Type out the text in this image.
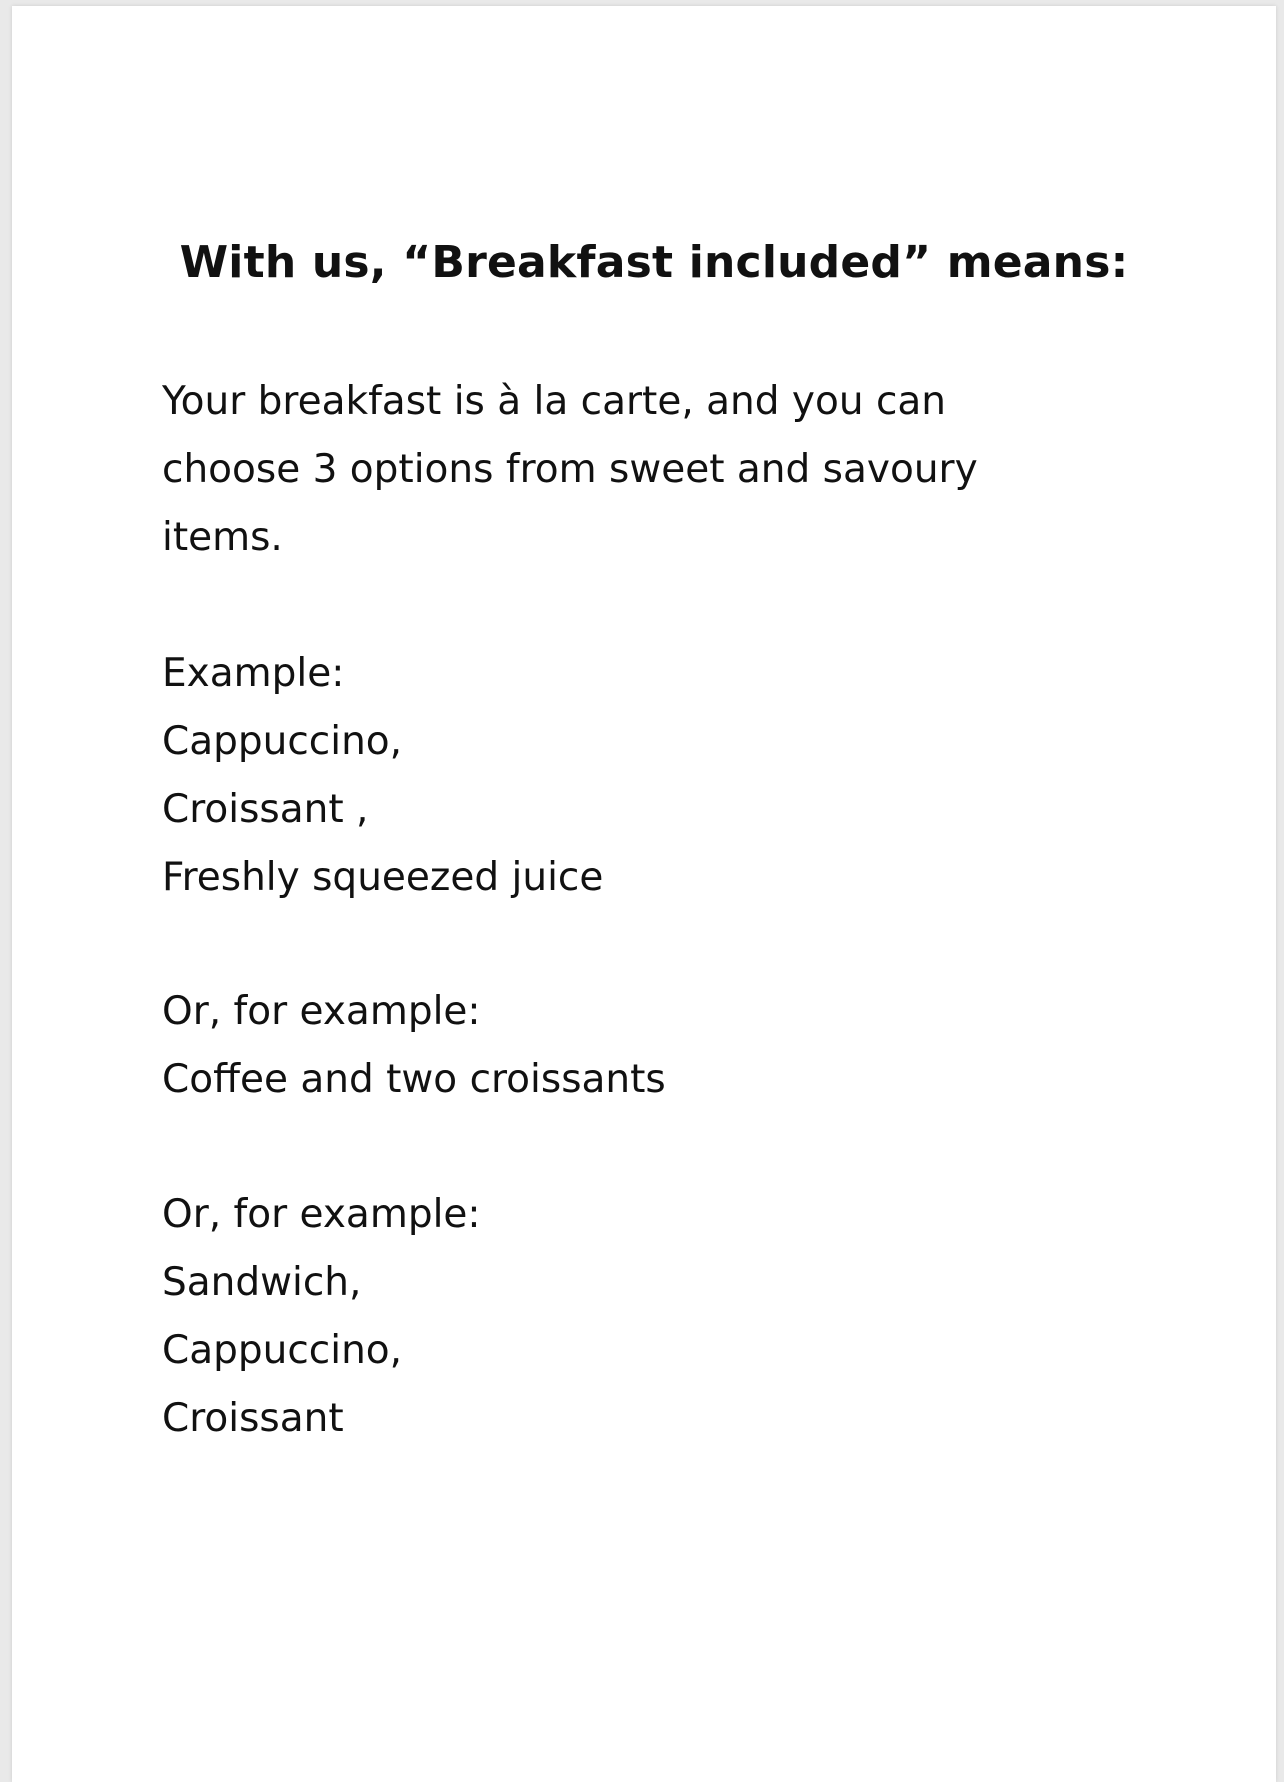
With us, “Breakfast included” means:
Your breakfast is à la carte, and you can
choose 3 options from sweet and savoury
items.
Example:
Cappuccino,
Croissant ,
Freshly squeezed juice
Or, for example:
Coffee and two croissants
Or, for example:
Sandwich,
Cappuccino,
Croissant
